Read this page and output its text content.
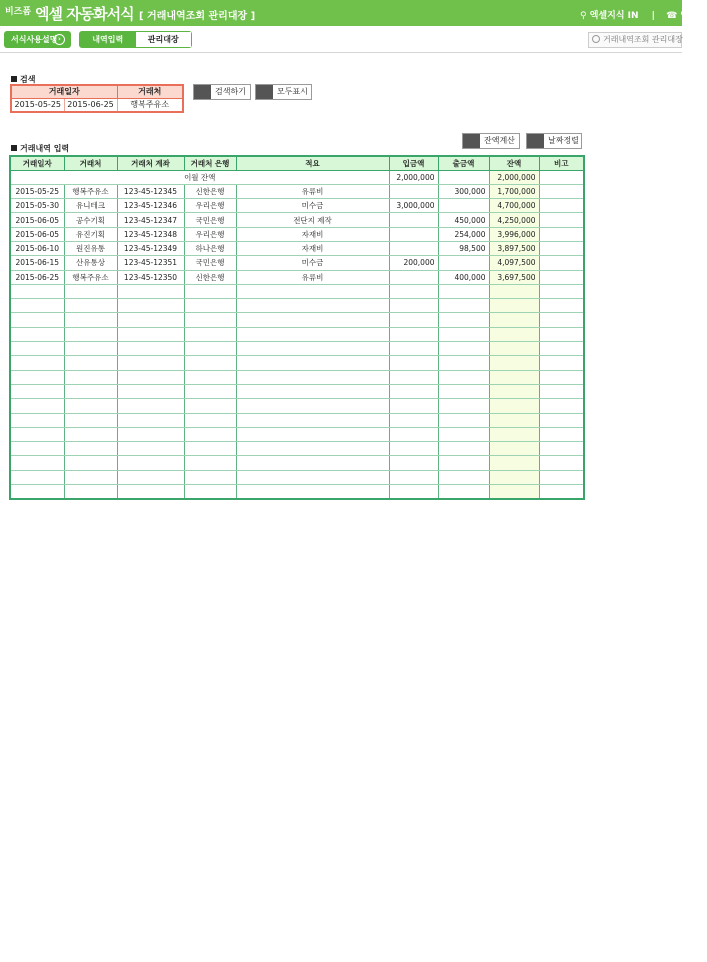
비즈폼 엑셀 자동화서식 [ 거래내역조회 관리대장 ]	⚲ 엑셀지식 IN | ☎ 엑셀상
서식사용설명 ›	내역입력	관리대장	거래내역조회 관리대장
검색
거래일자		거래처
2015-05-25	2015-06-25	행복주유소
검색하기	모두표시
거래내역 입력
잔액계산	날짜정렬
거래일자	거래처	거래처 계좌	거래처 은행	적요	입금액	출금액	잔액	비고
이월 잔액					2,000,000		2,000,000	
2015-05-25	행복주유소	123-45-12345	신한은행	유류비		300,000	1,700,000	
2015-05-30	유니테크	123-45-12346	우리은행	미수금	3,000,000		4,700,000	
2015-06-05	공수기획	123-45-12347	국민은행	전단지 제작		450,000	4,250,000	
2015-06-05	유진기획	123-45-12348	우리은행	자재비		254,000	3,996,000	
2015-06-10	원진유통	123-45-12349	하나은행	자재비		98,500	3,897,500	
2015-06-15	산유통상	123-45-12351	국민은행	미수금	200,000		4,097,500	
2015-06-25	행복주유소	123-45-12350	신한은행	유류비		400,000	3,697,500	
